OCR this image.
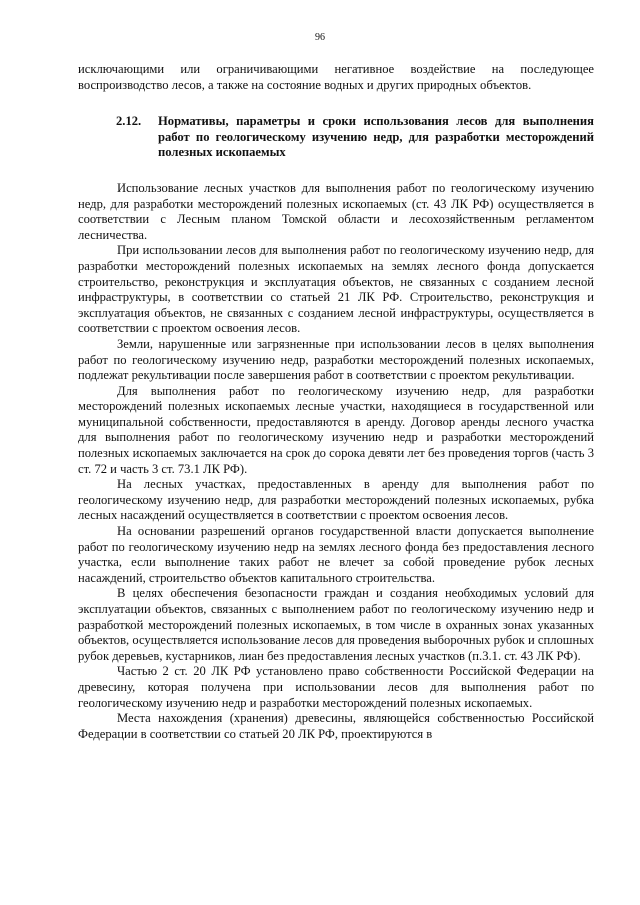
96

исключающими или ограничивающими негативное воздействие на последующее воспроизводство лесов, а также на состояние водных и других природных объектов.

2.12.	Нормативы, параметры и сроки использования лесов для выполнения работ по геологическому изучению недр, для разработки месторождений полезных ископаемых

Использование лесных участков для выполнения работ по геологическому изучению недр, для разработки месторождений полезных ископаемых (ст. 43 ЛК РФ) осуществляется в соответствии с Лесным планом Томской области и лесохозяйственным регламентом лесничества.

При использовании лесов для выполнения работ по геологическому изучению недр, для разработки месторождений полезных ископаемых на землях лесного фонда допускается строительство, реконструкция и эксплуатация объектов, не связанных с созданием лесной инфраструктуры, в соответствии со статьей 21 ЛК РФ. Строительство, реконструкция и эксплуатация объектов, не связанных с созданием лесной инфраструктуры, осуществляется в соответствии с проектом освоения лесов.

Земли, нарушенные или загрязненные при использовании лесов в целях выполнения работ по геологическому изучению недр, разработки месторождений полезных ископаемых, подлежат рекультивации после завершения работ в соответствии с проектом рекультивации.

Для выполнения работ по геологическому изучению недр, для разработки месторождений полезных ископаемых лесные участки, находящиеся в государственной или муниципальной собственности, предоставляются в аренду. Договор аренды лесного участка для выполнения работ по геологическому изучению недр и разработки месторождений полезных ископаемых заключается на срок до сорока девяти лет без проведения торгов (часть 3 ст. 72 и часть 3 ст. 73.1 ЛК РФ).

На лесных участках, предоставленных в аренду для выполнения работ по геологическому изучению недр, для разработки месторождений полезных ископаемых, рубка лесных насаждений осуществляется в соответствии с проектом освоения лесов.

На основании разрешений органов государственной власти допускается выполнение работ по геологическому изучению недр на землях лесного фонда без предоставления лесного участка, если выполнение таких работ не влечет за собой проведение рубок лесных насаждений, строительство объектов капитального строительства.

В целях обеспечения безопасности граждан и создания необходимых условий для эксплуатации объектов, связанных с выполнением работ по геологическому изучению недр и разработкой месторождений полезных ископаемых, в том числе в охранных зонах указанных объектов, осуществляется использование лесов для проведения выборочных рубок и сплошных рубок деревьев, кустарников, лиан без предоставления лесных участков (п.3.1. ст. 43 ЛК РФ).

Частью 2 ст. 20 ЛК РФ установлено право собственности Российской Федерации на древесину, которая получена при использовании лесов для выполнения работ по геологическому изучению недр и разработки месторождений полезных ископаемых.

Места нахождения (хранения) древесины, являющейся собственностью Российской Федерации в соответствии со статьей 20 ЛК РФ, проектируются в
